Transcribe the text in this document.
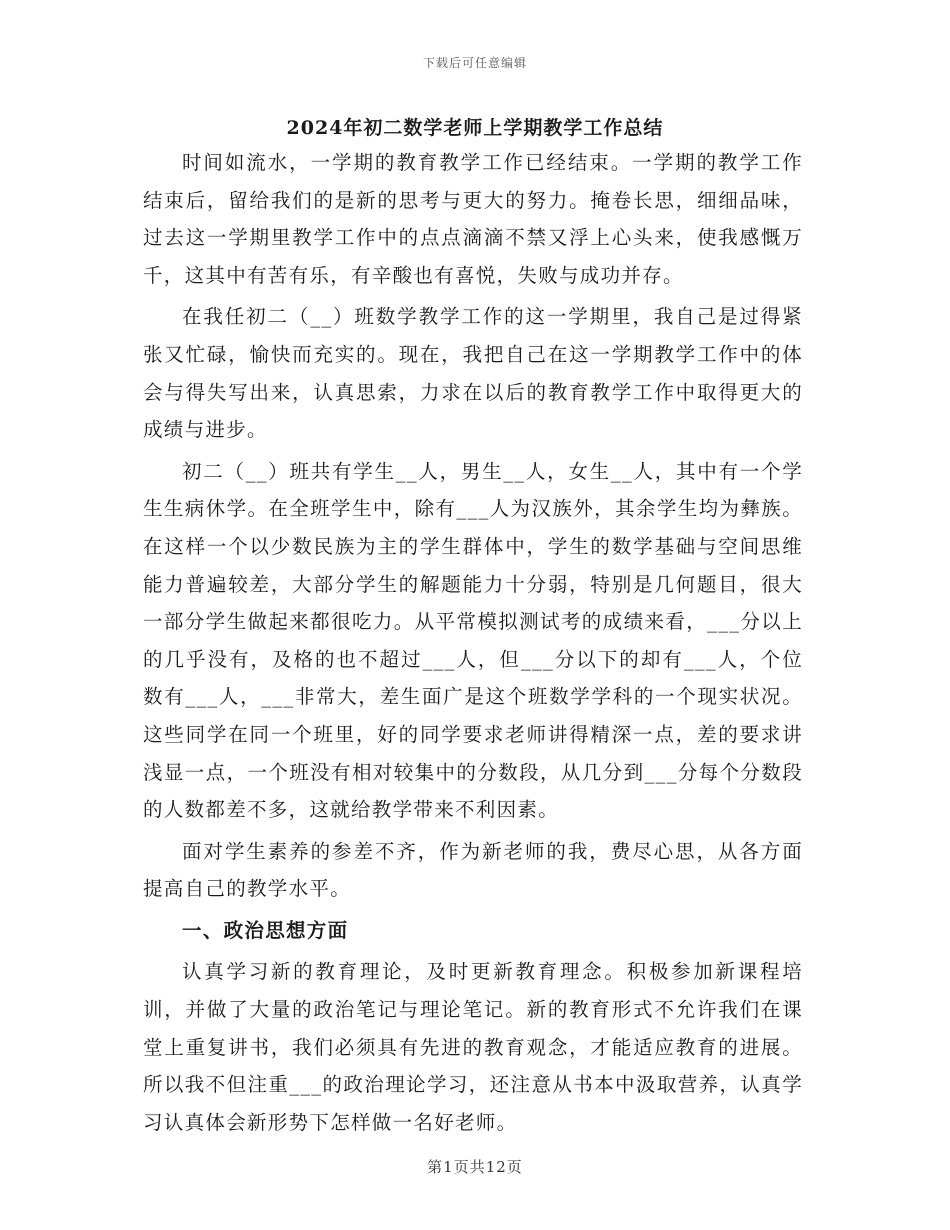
下载后可任意编辑
2024年初二数学老师上学期教学工作总结

时间如流水，一学期的教育教学工作已经结束。一学期的教学工作结束后，留给我们的是新的思考与更大的努力。掩卷长思，细细品味，过去这一学期里教学工作中的点点滴滴不禁又浮上心头来，使我感慨万千，这其中有苦有乐，有辛酸也有喜悦，失败与成功并存。

在我任初二（__）班数学教学工作的这一学期里，我自己是过得紧张又忙碌，愉快而充实的。现在，我把自己在这一学期教学工作中的体会与得失写出来，认真思索，力求在以后的教育教学工作中取得更大的成绩与进步。

初二（__）班共有学生__人，男生__人，女生__人，其中有一个学生生病休学。在全班学生中，除有___人为汉族外，其余学生均为彝族。在这样一个以少数民族为主的学生群体中，学生的数学基础与空间思维能力普遍较差，大部分学生的解题能力十分弱，特别是几何题目，很大一部分学生做起来都很吃力。从平常模拟测试考的成绩来看，___分以上的几乎没有，及格的也不超过___人，但___分以下的却有___人，个位数有___人，___非常大，差生面广是这个班数学学科的一个现实状况。这些同学在同一个班里，好的同学要求老师讲得精深一点，差的要求讲浅显一点，一个班没有相对较集中的分数段，从几分到___分每个分数段的人数都差不多，这就给教学带来不利因素。

面对学生素养的参差不齐，作为新老师的我，费尽心思，从各方面提高自己的教学水平。

一、政治思想方面

认真学习新的教育理论，及时更新教育理念。积极参加新课程培训，并做了大量的政治笔记与理论笔记。新的教育形式不允许我们在课堂上重复讲书，我们必须具有先进的教育观念，才能适应教育的进展。所以我不但注重___的政治理论学习，还注意从书本中汲取营养，认真学习认真体会新形势下怎样做一名好老师。

第1页共12页
